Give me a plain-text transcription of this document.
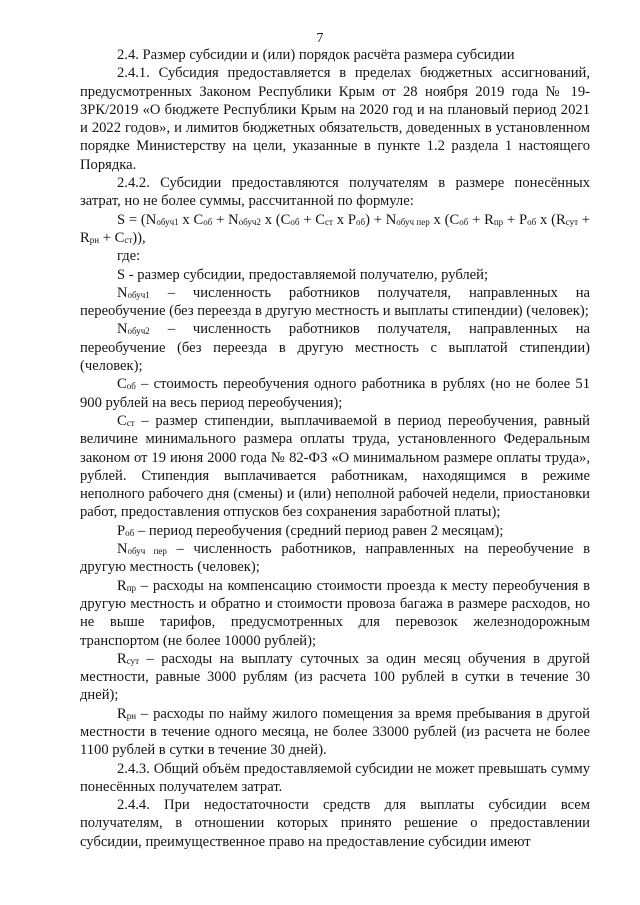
7

2.4. Размер субсидии и (или) порядок расчёта размера субсидии

2.4.1. Субсидия предоставляется в пределах бюджетных ассигнований, предусмотренных Законом Республики Крым от 28 ноября 2019 года № 19-ЗРК/2019 «О бюджете Республики Крым на 2020 год и на плановый период 2021 и 2022 годов», и лимитов бюджетных обязательств, доведенных в установленном порядке Министерству на цели, указанные в пункте 1.2 раздела 1 настоящего Порядка.

2.4.2. Субсидии предоставляются получателям в размере понесённых затрат, но не более суммы, рассчитанной по формуле:

$S = (N_{обуч1}$ x $C_{об} + N_{обуч2}$ x ($C_{об} + C_{ст}$ x $P_{об}) + N_{обуч пер}$ x ($C_{об} + R_{пр} + P_{об}$ x $(R_{сут} + R_{рн} + C_{ст})$),

где:

S - размер субсидии, предоставляемой получателю, рублей;

$N_{обуч1}$ – численность работников получателя, направленных на переобучение (без переезда в другую местность и выплаты стипендии) (человек);

$N_{обуч2}$ – численность работников получателя, направленных на переобучение (без переезда в другую местность с выплатой стипендии) (человек);

$C_{об}$ – стоимость переобучения одного работника в рублях (но не более 51 900 рублей на весь период переобучения);

$C_{ст}$ – размер стипендии, выплачиваемой в период переобучения, равный величине минимального размера оплаты труда, установленного Федеральным законом от 19 июня 2000 года № 82-ФЗ «О минимальном размере оплаты труда», рублей. Стипендия выплачивается работникам, находящимся в режиме неполного рабочего дня (смены) и (или) неполной рабочей недели, приостановки работ, предоставления отпусков без сохранения заработной платы);

$P_{об}$ – период переобучения (средний период равен 2 месяцам);

$N_{обуч пер}$ – численность работников, направленных на переобучение в другую местность (человек);

$R_{пр}$ – расходы на компенсацию стоимости проезда к месту переобучения в другую местность и обратно и стоимости провоза багажа в размере расходов, но не выше тарифов, предусмотренных для перевозок железнодорожным транспортом (не более 10000 рублей);

$R_{сут}$ – расходы на выплату суточных за один месяц обучения в другой местности, равные 3000 рублям (из расчета 100 рублей в сутки в течение 30 дней);

$R_{рн}$ – расходы по найму жилого помещения за время пребывания в другой местности в течение одного месяца, не более 33000 рублей (из расчета не более 1100 рублей в сутки в течение 30 дней).

2.4.3. Общий объём предоставляемой субсидии не может превышать сумму понесённых получателем затрат.

2.4.4. При недостаточности средств для выплаты субсидии всем получателям, в отношении которых принято решение о предоставлении субсидии, преимущественное право на предоставление субсидии имеют
